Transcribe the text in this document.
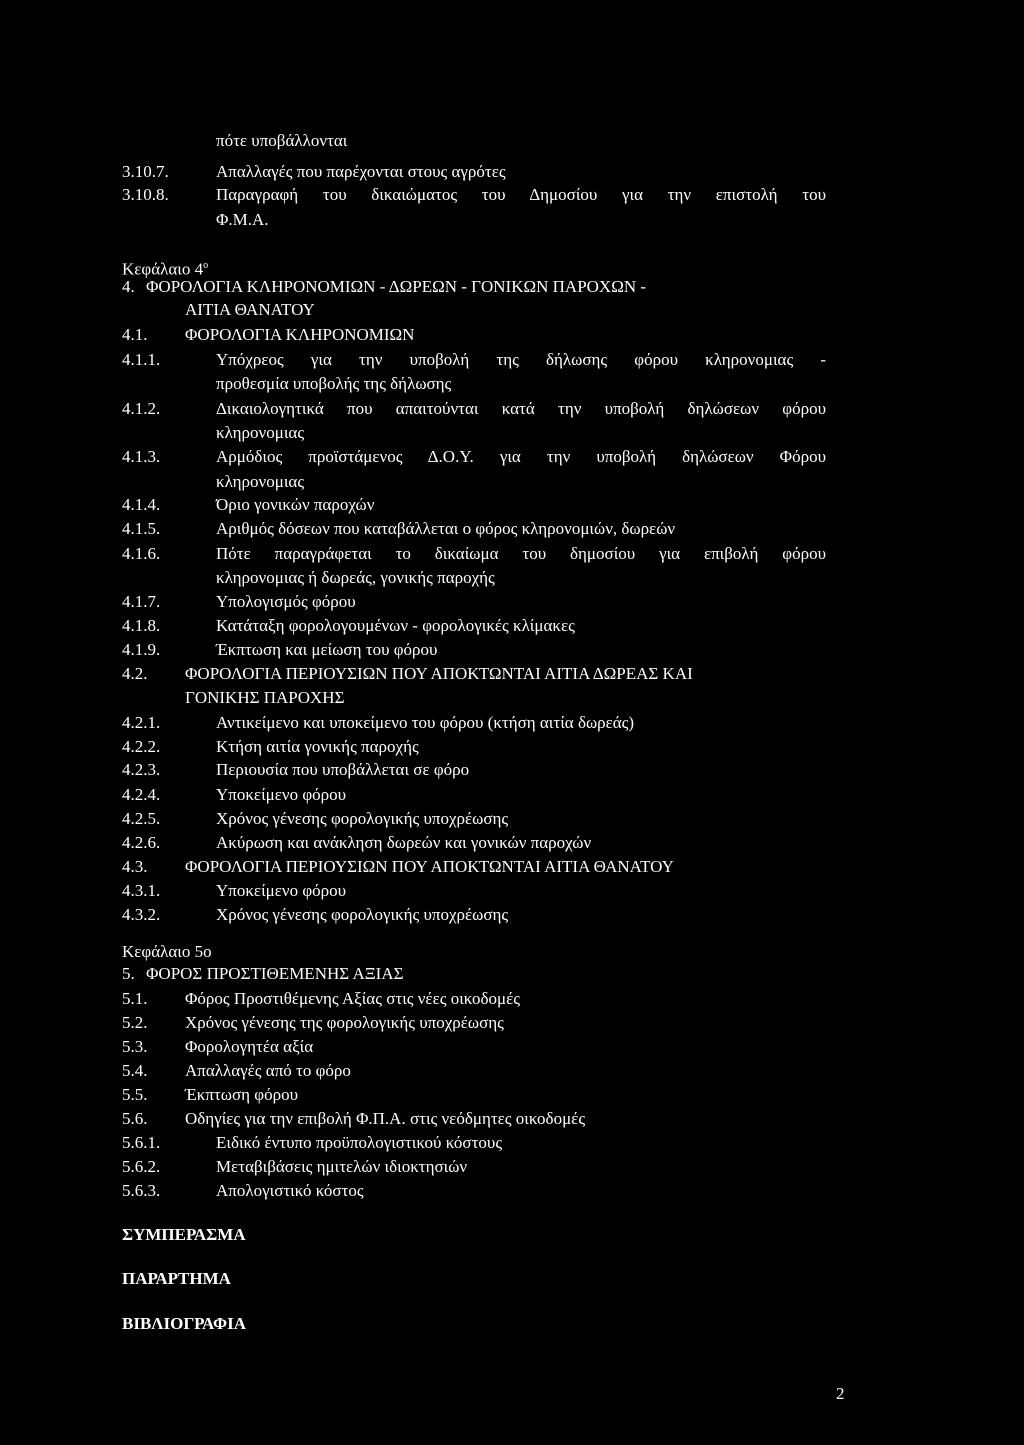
πότε υποβάλλονται
3.10.7.	Απαλλαγές που παρέχονται στους αγρότες
3.10.8.	Παραγραφή του δικαιώματος του Δημοσίου για την επιστολή του
Φ.Μ.Α.
Κεφάλαιο $4^o$
4. ΦΟΡΟΛΟΓΙΑ ΚΛΗΡΟΝΟΜΙΩΝ - ΔΩΡΕΩΝ - ΓΟΝΙΚΩΝ ΠΑΡΟΧΩΝ -
ΑΙΤΙΑ ΘΑΝΑΤΟΥ
4.1. ΦΟΡΟΛΟΓΙΑ ΚΛΗΡΟΝΟΜΙΩΝ
4.1.1.	Υπόχρεος για την υποβολή της δήλωσης φόρου κληρονομιας -
προθεσμία υποβολής της δήλωσης
4.1.2.	Δικαιολογητικά που απαιτούνται κατά την υποβολή δηλώσεων φόρου
κληρονομιας
4.1.3.	Αρμόδιος προϊστάμενος Δ.Ο.Υ. για την υποβολή δηλώσεων Φόρου
κληρονομιας
4.1.4.	Όριο γονικών παροχών
4.1.5.	Αριθμός δόσεων που καταβάλλεται ο φόρος κληρονομιών, δωρεών
4.1.6.	Πότε παραγράφεται το δικαίωμα του δημοσίου για επιβολή φόρου
κληρονομιας ή δωρεάς, γονικής παροχής
4.1.7.	Υπολογισμός φόρου
4.1.8.	Κατάταξη φορολογουμένων - φορολογικές κλίμακες
4.1.9.	Έκπτωση και μείωση του φόρου
4.2. ΦΟΡΟΛΟΓΙΑ ΠΕΡΙΟΥΣΙΩΝ ΠΟΥ ΑΠΟΚΤΩΝΤΑΙ ΑΙΤΙΑ ΔΩΡΕΑΣ ΚΑΙ
ΓΟΝΙΚΗΣ ΠΑΡΟΧΗΣ
4.2.1.	Αντικείμενο και υποκείμενο του φόρου (κτήση αιτία δωρεάς)
4.2.2.	Κτήση αιτία γονικής παροχής
4.2.3.	Περιουσία που υποβάλλεται σε φόρο
4.2.4.	Υποκείμενο φόρου
4.2.5.	Χρόνος γένεσης φορολογικής υποχρέωσης
4.2.6.	Ακύρωση και ανάκληση δωρεών και γονικών παροχών
4.3. ΦΟΡΟΛΟΓΙΑ ΠΕΡΙΟΥΣΙΩΝ ΠΟΥ ΑΠΟΚΤΩΝΤΑΙ ΑΙΤΙΑ ΘΑΝΑΤΟΥ
4.3.1.	Υποκείμενο φόρου
4.3.2.	Χρόνος γένεσης φορολογικής υποχρέωσης
Κεφάλαιο 5ο
5. ΦΟΡΟΣ ΠΡΟΣΤΙΘΕΜΕΝΗΣ ΑΞΙΑΣ
5.1. Φόρος Προστιθέμενης Αξίας στις νέες οικοδομές
5.2. Χρόνος γένεσης της φορολογικής υποχρέωσης
5.3. Φορολογητέα αξία
5.4. Απαλλαγές από το φόρο
5.5. Έκπτωση φόρου
5.6. Οδηγίες για την επιβολή Φ.Π.Α. στις νεόδμητες οικοδομές
5.6.1.	Ειδικό έντυπο προϋπολογιστικού κόστους
5.6.2.	Μεταβιβάσεις ημιτελών ιδιοκτησιών
5.6.3.	Απολογιστικό κόστος
ΣΥΜΠΕΡΑΣΜΑ
ΠΑΡΑΡΤΗΜΑ
ΒΙΒΛΙΟΓΡΑΦΙΑ
2
